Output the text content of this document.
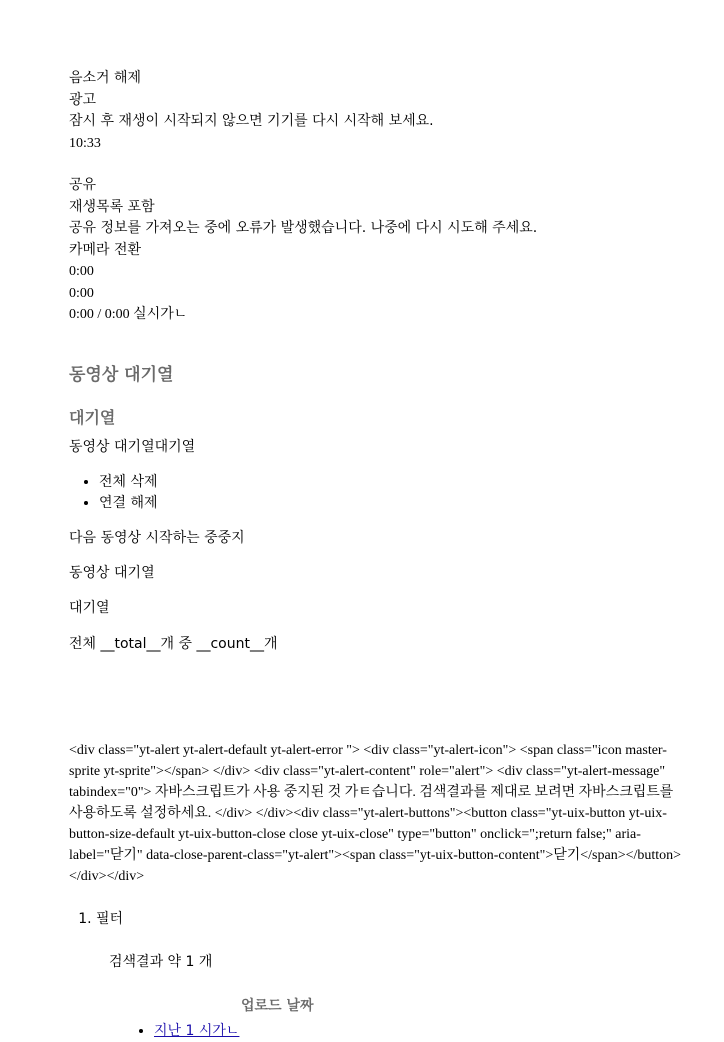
음소거 해제
광고
잠시 후 재생이 시작되지 않으면 기기를 다시 시작해 보세요.
10:33
공유
재생목록 포함
공유 정보를 가져오는 중에 오류가 발생했습니다. 나중에 다시 시도해 주세요.
카메라 전환
0:00
0:00
0:00 / 0:00 실시가ㄴ
동영상 대기열
대기열
동영상 대기열대기열
• 전체 삭제
• 연결 해제
다음 동영상 시작하는 중중지
동영상 대기열
대기열
전체 __total__개 중 __count__개
<div class="yt-alert yt-alert-default yt-alert-error "> <div class="yt-alert-icon"> <span class="icon master-sprite yt-sprite"></span> </div> <div class="yt-alert-content" role="alert"> <div class="yt-alert-message" tabindex="0"> 자바스크립트가 사용 중지된 것 가ㅌ습니다. 검색결과를 제대로 보려면 자바스크립트를 사용하도록 설정하세요. </div> </div><div class="yt-alert-buttons"><button class="yt-uix-button yt-uix-button-size-default yt-uix-button-close close yt-uix-close" type="button" onclick=";return false;" aria-label="닫기" data-close-parent-class="yt-alert"><span class="yt-uix-button-content">닫기</span></button></div></div>
1. 필터
검색결과 약 1 개
업로드 날짜
• 지난 1 시가ㄴ
